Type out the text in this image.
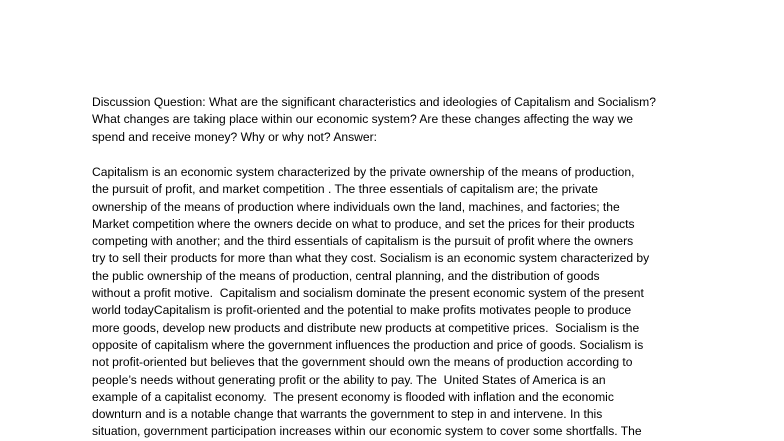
Discussion Question: What are the significant characteristics and ideologies of Capitalism and Socialism?
What changes are taking place within our economic system? Are these changes affecting the way we
spend and receive money? Why or why not? Answer:
Capitalism is an economic system characterized by the private ownership of the means of production,
the pursuit of profit, and market competition . The three essentials of capitalism are; the private
ownership of the means of production where individuals own the land, machines, and factories; the
Market competition where the owners decide on what to produce, and set the prices for their products
competing with another; and the third essentials of capitalism is the pursuit of profit where the owners
try to sell their products for more than what they cost. Socialism is an economic system characterized by
the public ownership of the means of production, central planning, and the distribution of goods
without a profit motive.  Capitalism and socialism dominate the present economic system of the present
world todayCapitalism is profit-oriented and the potential to make profits motivates people to produce
more goods, develop new products and distribute new products at competitive prices.  Socialism is the
opposite of capitalism where the government influences the production and price of goods. Socialism is
not profit-oriented but believes that the government should own the means of production according to
people’s needs without generating profit or the ability to pay. The  United States of America is an
example of a capitalist economy.  The present economy is flooded with inflation and the economic
downturn and is a notable change that warrants the government to step in and intervene. In this
situation, government participation increases within our economic system to cover some shortfalls. The
